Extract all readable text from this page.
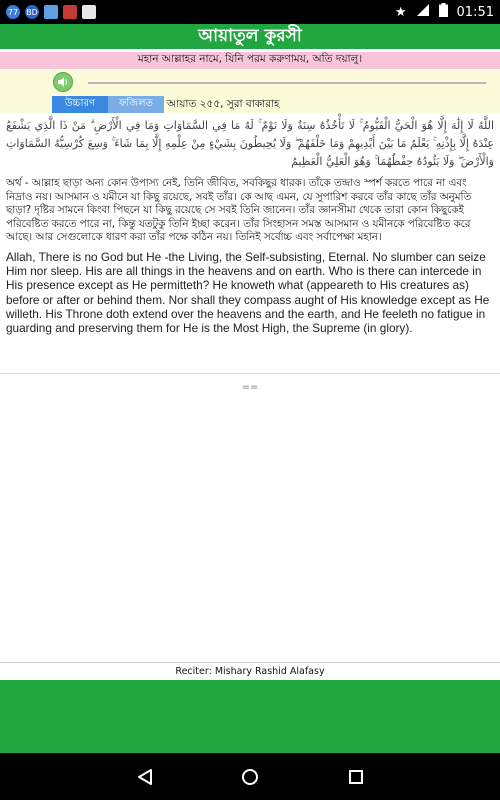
77 BD	★	01:51
আয়াতুল কুরসী
মহান আল্লাহর নামে, যিনি পরম করুণাময়, অতি দয়ালু।
উচ্চারণ ফজিলত আয়াত ২৫৫, সুরা বাকারাহ
اللَّهُ لَا إِلَٰهَ إِلَّا هُوَ الْحَيُّ الْقَيُّومُ ۚ لَا تَأْخُذُهُ سِنَةٌ وَلَا نَوْمٌ ۚ لَهُ مَا فِي السَّمَاوَاتِ وَمَا فِي الْأَرْضِ ۗ مَنْ ذَا الَّذِي يَشْفَعُ عِنْدَهُ إِلَّا بِإِذْنِهِ ۚ يَعْلَمُ مَا بَيْنَ أَيْدِيهِمْ وَمَا خَلْفَهُمْ ۖ وَلَا يُحِيطُونَ بِشَيْءٍ مِنْ عِلْمِهِ إِلَّا بِمَا شَاءَ ۚ وَسِعَ كُرْسِيُّهُ السَّمَاوَاتِ وَالْأَرْضَ ۖ وَلَا يَئُودُهُ حِفْظُهُمَا ۚ وَهُوَ الْعَلِيُّ الْعَظِيمُ
অর্থ - আল্লাহ ছাড়া অন্য কোন উপাস্য নেই, তিনি জীবিত, সবকিছুর ধারক। তাঁকে তন্দ্রাও স্পর্শ করতে পারে না এবং নিদ্রাও নয়। আসমান ও যমীনে যা কিছু রয়েছে, সবই তাঁর। কে আছ এমন, যে সুপারিশ করবে তাঁর কাছে তাঁর অনুমতি ছাড়া? দৃষ্টির সামনে কিংবা পিছনে যা কিছু রয়েছে সে সবই তিনি জানেন। তাঁর জ্ঞানসীমা থেকে তারা কোন কিছুকেই পরিবেষ্টিত করতে পারে না, কিন্তু যতটুকু তিনি ইচ্ছা করেন। তাঁর সিংহাসন সমস্ত আসমান ও যমীনকে পরিবেষ্টিত করে আছে। আর সেগুলোকে ধারণ করা তাঁর পক্ষে কঠিন নয়। তিনিই সর্বোচ্চ এবং সর্বাপেক্ষা মহান।
Allah, There is no God but He -the Living, the Self-subsisting, Eternal. No slumber can seize Him nor sleep. His are all things in the heavens and on earth. Who is there can intercede in His presence except as He permitteth? He knoweth what (appeareth to His creatures as) before or after or behind them. Nor shall they compass aught of His knowledge except as He willeth. His Throne doth extend over the heavens and the earth, and He feeleth no fatigue in guarding and preserving them for He is the Most High, the Supreme (in glory).
==
Reciter: Mishary Rashid Alafasy
